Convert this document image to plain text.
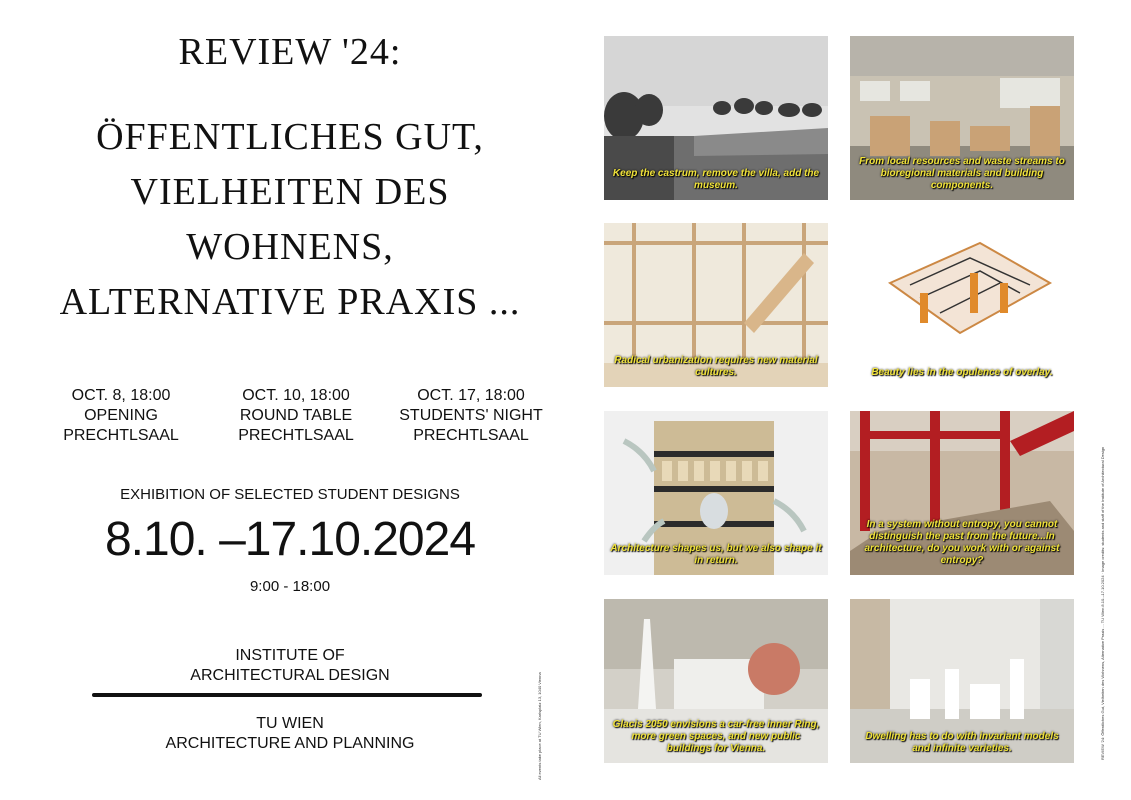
REVIEW '24:
ÖFFENTLICHES GUT,
VIELHEITEN DES
WOHNENS,
ALTERNATIVE PRAXIS ...
OCT. 8, 18:00
OPENING
PRECHTLSAAL
OCT. 10, 18:00
ROUND TABLE
PRECHTLSAAL
OCT. 17, 18:00
STUDENTS' NIGHT
PRECHTLSAAL
EXHIBITION OF SELECTED STUDENT DESIGNS
8.10. –17.10.2024
9:00 - 18:00
INSTITUTE OF
ARCHITECTURAL DESIGN
TU WIEN
ARCHITECTURE AND PLANNING	All events take place at TU Wien, Karlsplatz 13, 1040 Vienna	REVIEW '24: Öffentliches Gut, Vielheiten des Wohnens, Alternative Praxis ... TU Wien 8.10.–17.10.2024 · Image credits: students and staff of the Institute of Architectural Design
Keep the castrum, remove the villa, add the museum.
From local resources and waste streams to bioregional materials and building components.
Radical urbanization requires new material cultures.	Beauty lies in the opulence of overlay.
Architecture shapes us, but we also shape it in return.
In a system without entropy, you cannot distinguish the past from the future...In architecture, do you work with or against entropy?
Glacis 2050 envisions a car-free inner Ring, more green spaces, and new public buildings for Vienna.
Dwelling has to do with invariant models and infinite varieties.
